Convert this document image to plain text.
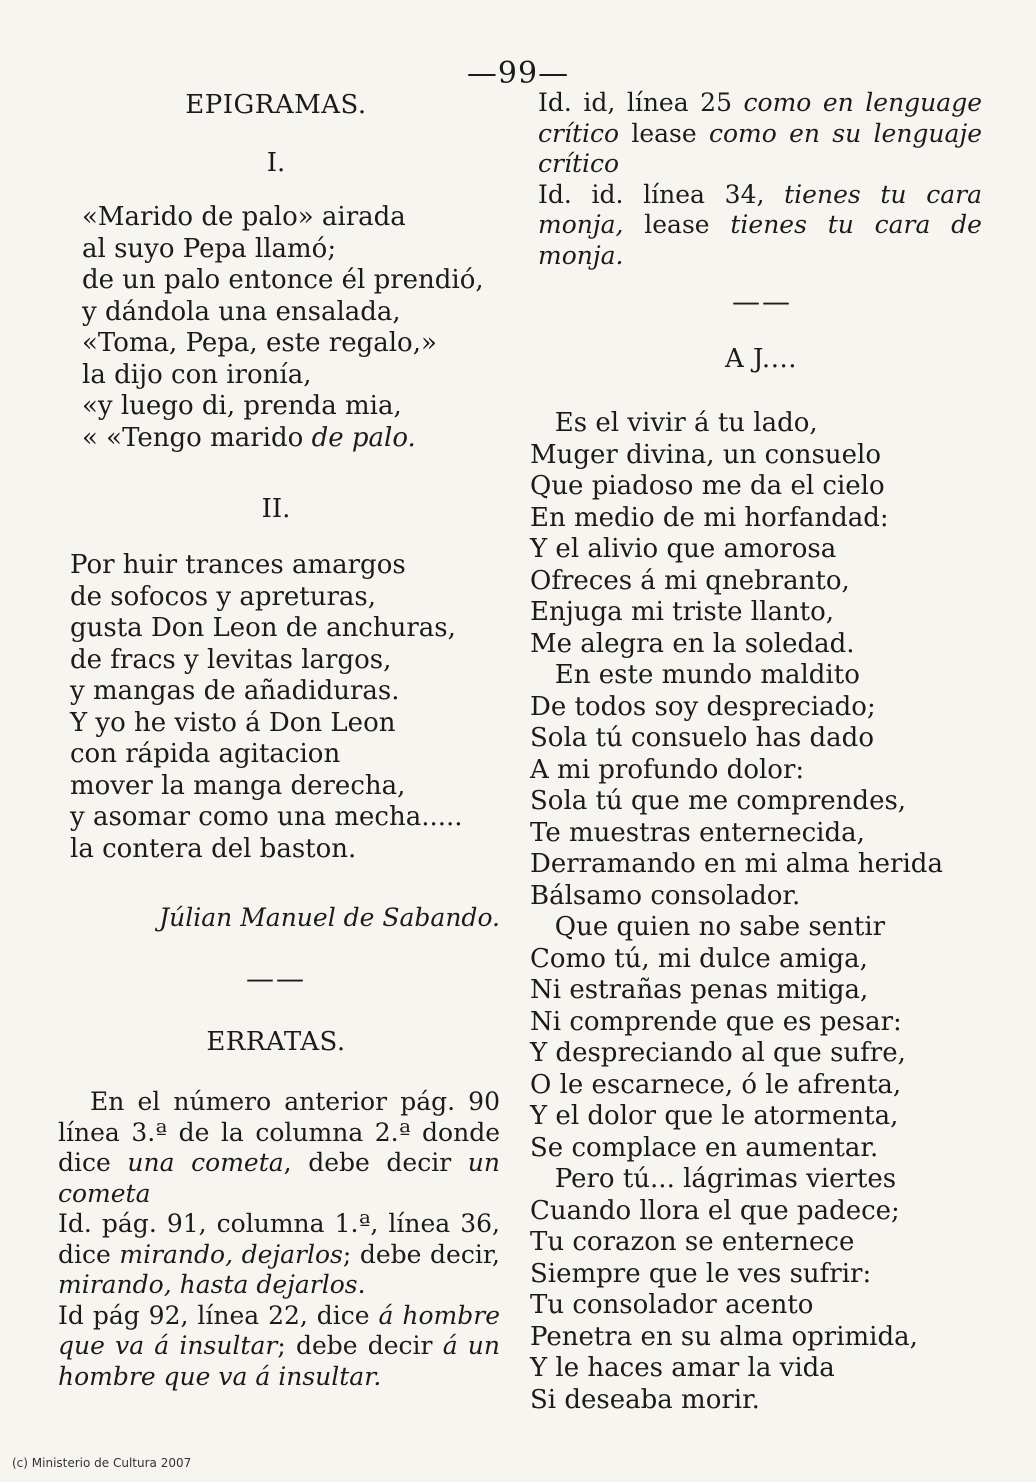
—99—
EPIGRAMAS.
I.
«Marido de palo» airada
al suyo Pepa llamó;
de un palo entonce él prendió,
y dándola una ensalada,
«Toma, Pepa, este regalo,»
la dijo con ironía,
«y luego di, prenda mia,
« «Tengo marido de palo.
II.
Por huir trances amargos
de sofocos y apreturas,
gusta Don Leon de anchuras,
de fracs y levitas largos,
y mangas de añadiduras.
Y yo he visto á Don Leon
con rápida agitacion
mover la manga derecha,
y asomar como una mecha.....
la contera del baston.
Júlian Manuel de Sabando.
——
ERRATAS.

En el número anterior pág. 90 línea 3.ª de la columna 2.ª donde dice una cometa, debe decir un cometa

Id. pág. 91, columna 1.ª, línea 36, dice mirando, dejarlos; debe decir, mirando, hasta dejarlos.

Id pág 92, línea 22, dice á hombre que va á insultar; debe decir á un hombre que va á insultar.

Id. id, línea 25 como en lenguage crítico lease como en su lenguaje crítico

Id. id. línea 34, tienes tu cara monja, lease tienes tu cara de monja.

——
A J....
Es el vivir á tu lado,
Muger divina, un consuelo
Que piadoso me da el cielo
En medio de mi horfandad:
Y el alivio que amorosa
Ofreces á mi qnebranto,
Enjuga mi triste llanto,
Me alegra en la soledad.
En este mundo maldito
De todos soy despreciado;
Sola tú consuelo has dado
A mi profundo dolor:
Sola tú que me comprendes,
Te muestras enternecida,
Derramando en mi alma herida
Bálsamo consolador.
Que quien no sabe sentir
Como tú, mi dulce amiga,
Ni estrañas penas mitiga,
Ni comprende que es pesar:
Y despreciando al que sufre,
O le escarnece, ó le afrenta,
Y el dolor que le atormenta,
Se complace en aumentar.
Pero tú... lágrimas viertes
Cuando llora el que padece;
Tu corazon se enternece
Siempre que le ves sufrir:
Tu consolador acento
Penetra en su alma oprimida,
Y le haces amar la vida
Si deseaba morir.
(c) Ministerio de Cultura 2007
